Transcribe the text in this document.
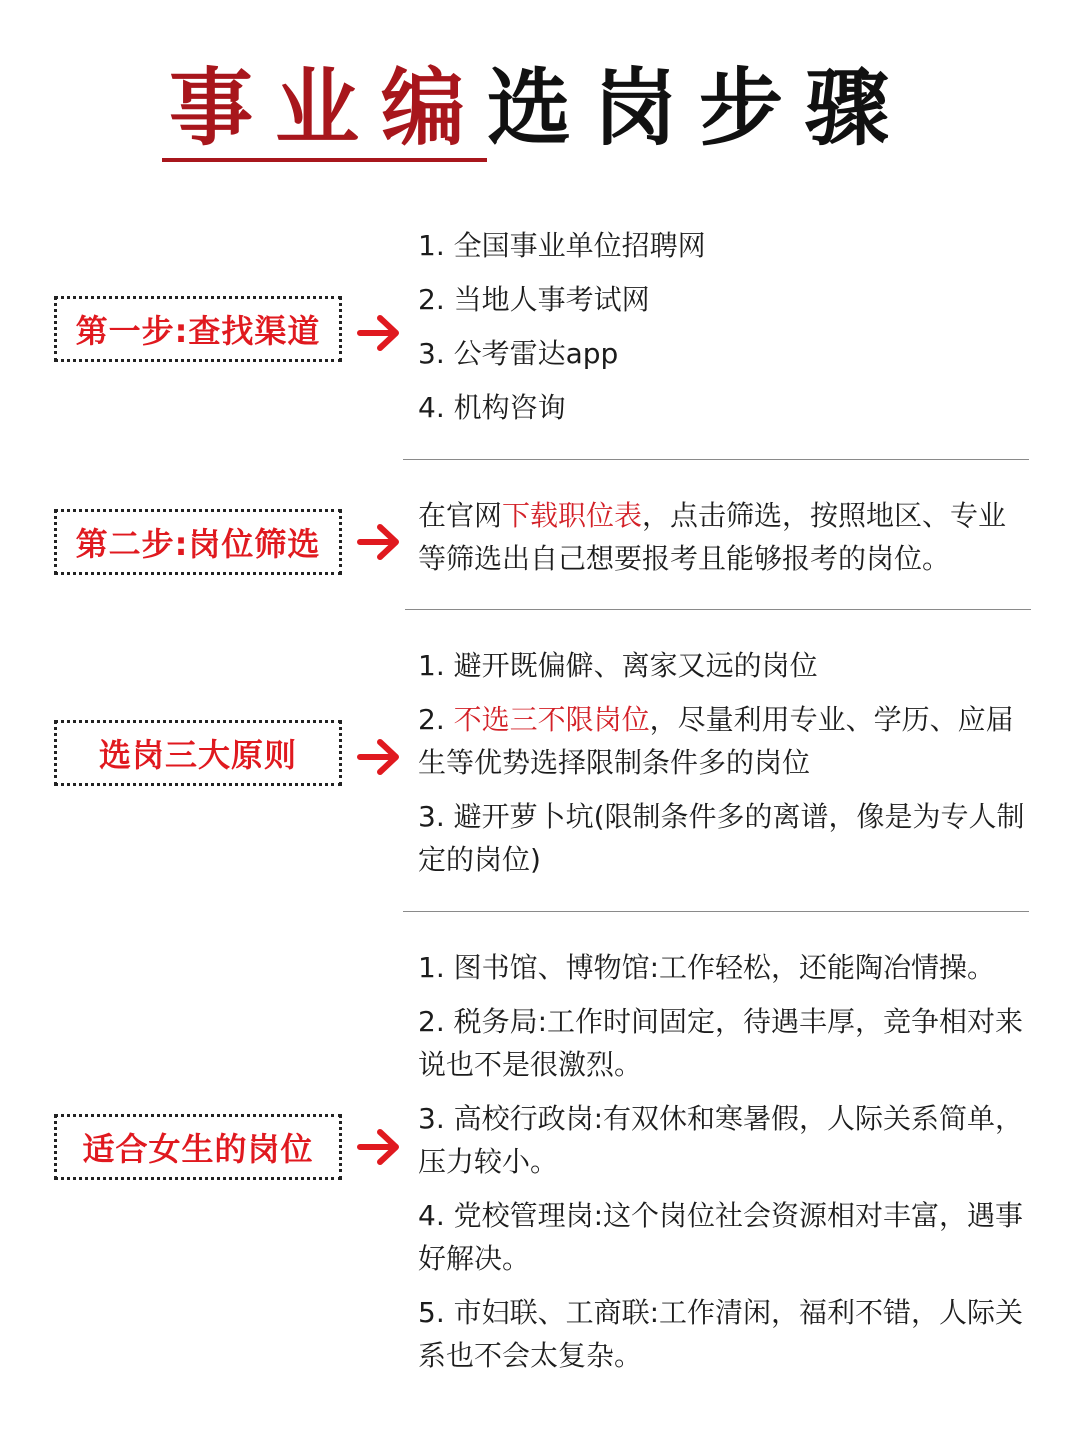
事业编选岗步骤
第一步:查找渠道
1. 全国事业单位招聘网
2. 当地人事考试网
3. 公考雷达app
4. 机构咨询
第二步:岗位筛选
在官网下载职位表，点击筛选，按照地区、专业等筛选出自己想要报考且能够报考的岗位。
选岗三大原则
1. 避开既偏僻、离家又远的岗位
2. 不选三不限岗位，尽量利用专业、学历、应届生等优势选择限制条件多的岗位
3. 避开萝卜坑(限制条件多的离谱，像是为专人制定的岗位)
适合女生的岗位
1. 图书馆、博物馆:工作轻松，还能陶冶情操。
2. 税务局:工作时间固定，待遇丰厚，竞争相对来说也不是很激烈。
3. 高校行政岗:有双休和寒暑假，人际关系简单，压力较小。
4. 党校管理岗:这个岗位社会资源相对丰富，遇事好解决。
5. 市妇联、工商联:工作清闲，福利不错，人际关系也不会太复杂。
